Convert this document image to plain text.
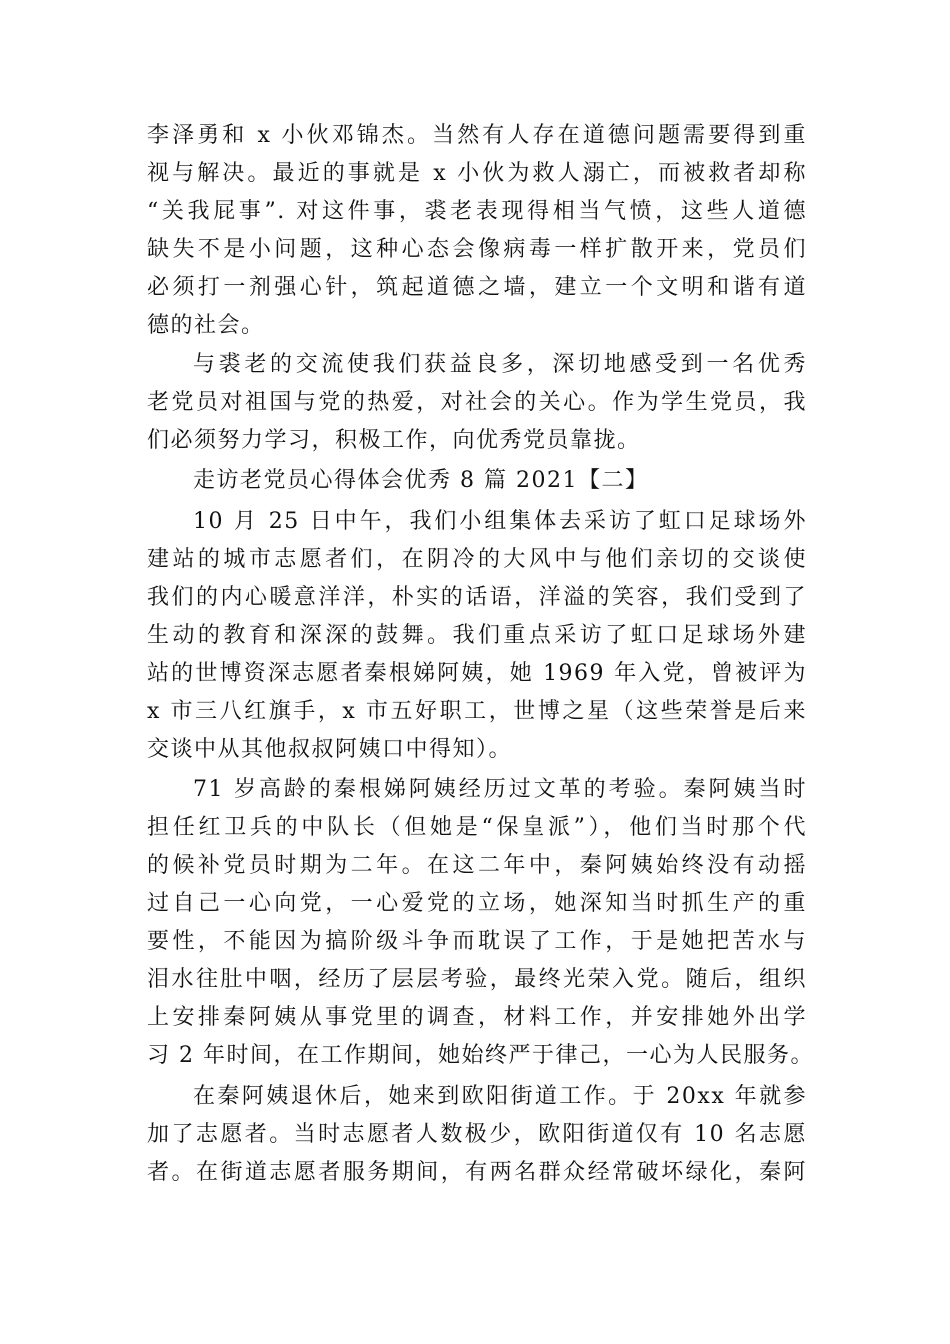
李泽勇和 x 小伙邓锦杰。当然有人存在道德问题需要得到重
视与解决。最近的事就是 x 小伙为救人溺亡，而被救者却称
“关我屁事”. 对这件事，裘老表现得相当气愤，这些人道德
缺失不是小问题，这种心态会像病毒一样扩散开来，党员们
必须打一剂强心针，筑起道德之墙，建立一个文明和谐有道
德的社会。
与裘老的交流使我们获益良多，深切地感受到一名优秀
老党员对祖国与党的热爱，对社会的关心。作为学生党员，我
们必须努力学习，积极工作，向优秀党员靠拢。
走访老党员心得体会优秀 8 篇 2021【二】
10 月 25 日中午，我们小组集体去采访了虹口足球场外
建站的城市志愿者们，在阴冷的大风中与他们亲切的交谈使
我们的内心暖意洋洋，朴实的话语，洋溢的笑容，我们受到了
生动的教育和深深的鼓舞。我们重点采访了虹口足球场外建
站的世博资深志愿者秦根娣阿姨，她 1969 年入党，曾被评为
x 市三八红旗手，x 市五好职工，世博之星（这些荣誉是后来
交谈中从其他叔叔阿姨口中得知）。
71 岁高龄的秦根娣阿姨经历过文革的考验。秦阿姨当时
担任红卫兵的中队长（但她是“保皇派”），他们当时那个代
的候补党员时期为二年。在这二年中，秦阿姨始终没有动摇
过自己一心向党，一心爱党的立场，她深知当时抓生产的重
要性，不能因为搞阶级斗争而耽误了工作，于是她把苦水与
泪水往肚中咽，经历了层层考验，最终光荣入党。随后，组织
上安排秦阿姨从事党里的调查，材料工作，并安排她外出学
习 2 年时间，在工作期间，她始终严于律己，一心为人民服务。
在秦阿姨退休后，她来到欧阳街道工作。于 20xx 年就参
加了志愿者。当时志愿者人数极少，欧阳街道仅有 10 名志愿
者。在街道志愿者服务期间，有两名群众经常破坏绿化，秦阿
